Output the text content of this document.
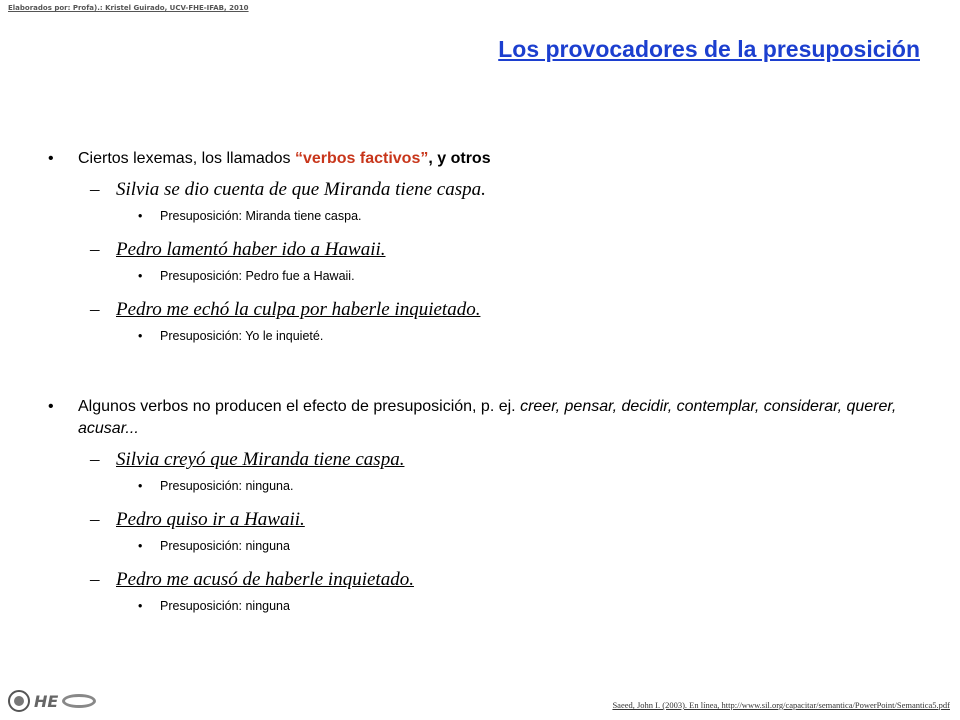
Elaborados por: Profa).: Kristel Guirado, UCV-FHE-IFAB, 2010
Los provocadores de la presuposición

• Ciertos lexemas, los llamados “verbos factivos”, y otros

– Silvia se dio cuenta de que Miranda tiene caspa.

• Presuposición: Miranda tiene caspa.

– Pedro lamentó haber ido a Hawaii.

• Presuposición: Pedro fue a Hawaii.

– Pedro me echó la culpa por haberle inquietado.

• Presuposición: Yo le inquieté.

• Algunos verbos no producen el efecto de presuposición, p. ej. creer, pensar, decidir, contemplar, considerar, querer, acusar...

– Silvia creyó que Miranda tiene caspa.

• Presuposición: ninguna.

– Pedro quiso ir a Hawaii.

• Presuposición: ninguna

– Pedro me acusó de haberle inquietado.

• Presuposición: ninguna

HE	Saeed, John I. (2003). En línea, http://www.sil.org/capacitar/semantica/PowerPoint/Semantica5.pdf
